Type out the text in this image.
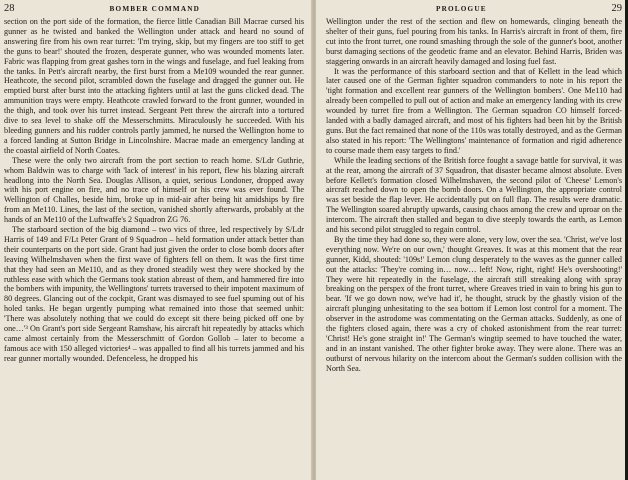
28	BOMBER COMMAND

section on the port side of the formation, the fierce little Canadian Bill Macrae cursed his gunner as he twisted and banked the Wellington under attack and heard no sound of answering fire from his own rear turret: 'I'm trying, skip, but my fingers are too stiff to get the guns to bear!' shouted the frozen, desperate gunner, who was wounded moments later. Fabric was flapping from great gashes torn in the wings and fuselage, and fuel leaking from the tanks. In Pett's aircraft nearby, the first burst from a Me109 wounded the rear gunner. Heathcote, the second pilot, scrambled down the fuselage and dragged the gunner out. He emptied burst after burst into the attacking fighters until at last the guns clicked dead. The ammunition trays were empty. Heathcote crawled forward to the front gunner, wounded in the thigh, and took over his turret instead. Sergeant Pett threw the aircraft into a tortured dive to sea level to shake off the Messerschmitts. Miraculously he succeeded. With his bleeding gunners and his rudder controls partly jammed, he nursed the Wellington home to a forced landing at Sutton Bridge in Lincolnshire. Macrae made an emergency landing at the coastal airfield of North Coates.

These were the only two aircraft from the port section to reach home. S/Ldr Guthrie, whom Baldwin was to charge with 'lack of interest' in his report, flew his blazing aircraft headlong into the North Sea. Douglas Allison, a quiet, serious Londoner, dropped away with his port engine on fire, and no trace of himself or his crew was ever found. The Wellington of Challes, beside him, broke up in mid-air after being hit amidships by fire from an Me110. Lines, the last of the section, vanished shortly afterwards, probably at the hands of an Me110 of the Luftwaffe's 2 Squadron ZG 76.

The starboard section of the big diamond – two vics of three, led respectively by S/Ldr Harris of 149 and F/Lt Peter Grant of 9 Squadron – held formation under attack better than their counterparts on the port side. Grant had just given the order to close bomb doors after leaving Wilhelmshaven when the first wave of fighters fell on them. It was the first time that they had seen an Me110, and as they droned steadily west they were shocked by the ruthless ease with which the Germans took station abreast of them, and hammered fire into the bombers with impunity, the Wellingtons' turrets traversed to their impotent maximum of 80 degrees. Glancing out of the cockpit, Grant was dismayed to see fuel spuming out of his holed tanks. He began urgently pumping what remained into those that seemed unhit: 'There was absolutely nothing that we could do except sit there being picked off one by one…'³ On Grant's port side Sergeant Ramshaw, his aircraft hit repeatedly by attacks which came almost certainly from the Messerschmitt of Gordon Gollob – later to become a famous ace with 150 alleged victories⁴ – was appalled to find all his turrets jammed and his rear gunner mortally wounded. Defenceless, he dropped his

PROLOGUE	29

Wellington under the rest of the section and flew on homewards, clinging beneath the shelter of their guns, fuel pouring from his tanks. In Harris's aircraft in front of them, fire cut into the front turret, one round smashing through the sole of the gunner's boot, another burst damaging sections of the geodetic frame and an elevator. Behind Harris, Briden was staggering onwards in an aircraft heavily damaged and losing fuel fast.

It was the performance of this starboard section and that of Kellett in the lead which later caused one of the German fighter squadron commanders to note in his report the 'tight formation and excellent rear gunners of the Wellington bombers'. One Me110 had already been compelled to pull out of action and make an emergency landing with its crew wounded by turret fire from a Wellington. The German squadron CO himself forced-landed with a badly damaged aircraft, and most of his fighters had been hit by the British guns. But the fact remained that none of the 110s was totally destroyed, and as the German also stated in his report: 'The Wellingtons' maintenance of formation and rigid adherence to course made them easy targets to find.'

While the leading sections of the British force fought a savage battle for survival, it was at the rear, among the aircraft of 37 Squadron, that disaster became almost absolute. Even before Kellett's formation closed Wilhelmshaven, the second pilot of 'Cheese' Lemon's aircraft reached down to open the bomb doors. On a Wellington, the appropriate control was set beside the flap lever. He accidentally put on full flap. The results were dramatic. The Wellington soared abruptly upwards, causing chaos among the crew and uproar on the intercom. The aircraft then stalled and began to dive steeply towards the earth, as Lemon and his second pilot struggled to regain control.

By the time they had done so, they were alone, very low, over the sea. 'Christ, we've lost everything now. We're on our own,' thought Greaves. It was at this moment that the rear gunner, Kidd, shouted: '109s!' Lemon clung desperately to the waves as the gunner called out the attacks: 'They're coming in… now… left! Now, right, right! He's overshooting!' They were hit repeatedly in the fuselage, the aircraft still streaking along with spray breaking on the perspex of the front turret, where Greaves tried in vain to bring his gun to bear. 'If we go down now, we've had it', he thought, struck by the ghastly vision of the aircraft plunging unhesitating to the sea bottom if Lemon lost control for a moment. The observer in the astrodome was commentating on the German attacks. Suddenly, as one of the fighters closed again, there was a cry of choked astonishment from the rear turret: 'Christ! He's gone straight in!' The German's wingtip seemed to have touched the water, and in an instant vanished. The other fighter broke away. They were alone. There was an outburst of nervous hilarity on the intercom about the German's sudden collision with the North Sea.
